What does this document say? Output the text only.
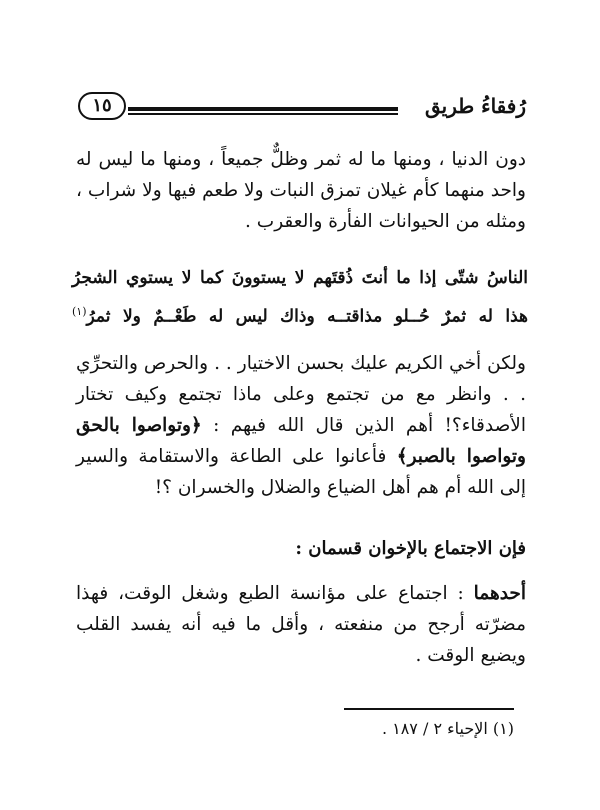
رُفقاءُ طريق
١٥

دون الدنيا ، ومنها ما له ثمر وظلٌّ جميعاً ، ومنها ما ليس له واحد منهما كأم غيلان تمزق النبات ولا طعم فيها ولا شراب ، ومثله من الحيوانات الفأرة والعقرب .

الناسُ شتّى إذا ما أنتَ ذُقتَهم لا يستوونَ كما لا يستوي الشجرُ
هذا له ثمرٌ حُــلو مذاقتــه وذاك ليس له طَعْــمٌ ولا ثمرُ$^{(١)}$

ولكن أخي الكريم عليك بحسن الاختيار . . والحرص والتحرِّي . . وانظر مع من تجتمع وعلى ماذا تجتمع وكيف تختار الأصدقاء؟! أهم الذين قال الله فيهم : ﴿وتواصوا بالحق وتواصوا بالصبر﴾ فأعانوا على الطاعة والاستقامة والسير إلى الله أم هم أهل الضياع والضلال والخسران ؟!

فإن الاجتماع بالإخوان قسمان :

أحدهما : اجتماع على مؤانسة الطبع وشغل الوقت، فهذا مضرّته أرجح من منفعته ، وأقل ما فيه أنه يفسد القلب ويضيع الوقت .

(١) الإحياء ٢ / ١٨٧ .
